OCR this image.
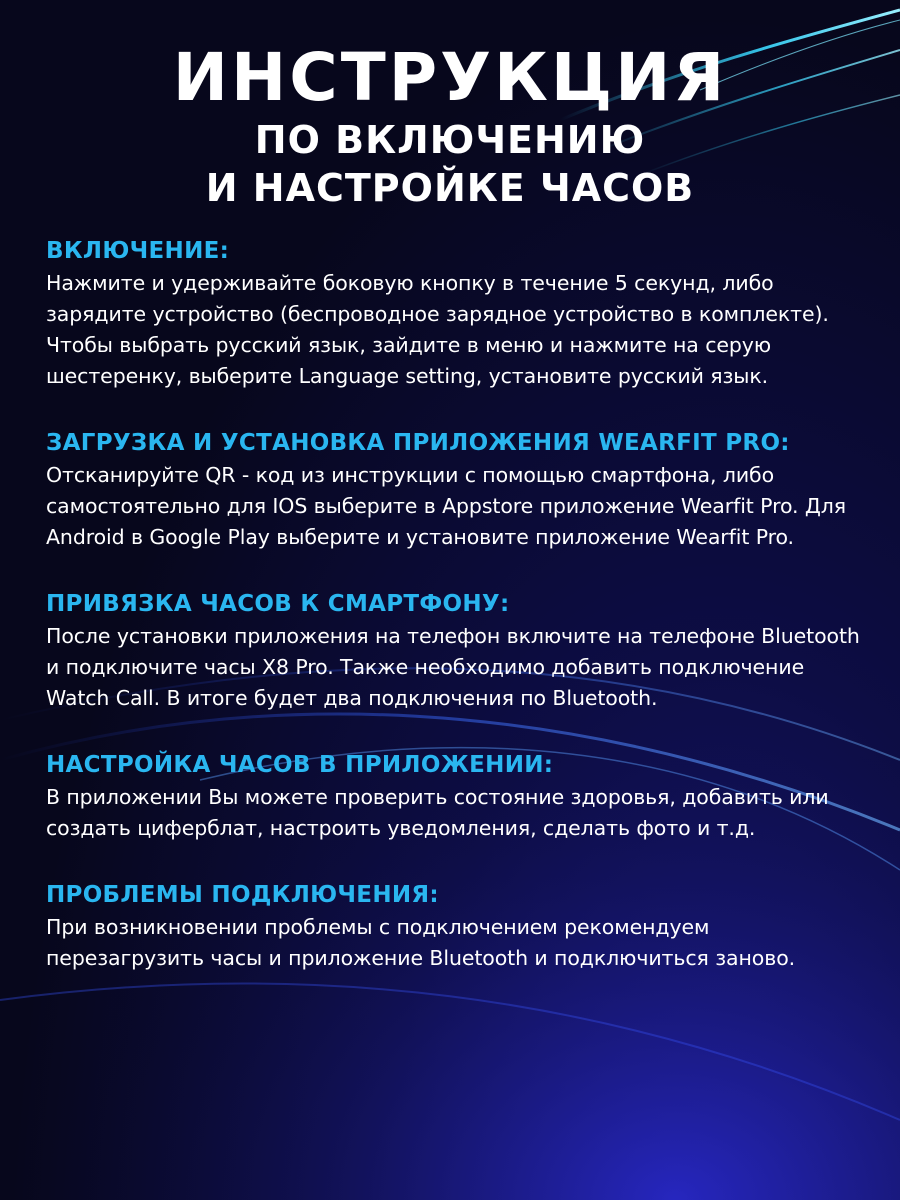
ИНСТРУКЦИЯ
ПО ВКЛЮЧЕНИЮ
И НАСТРОЙКЕ ЧАСОВ
ВКЛЮЧЕНИЕ:
Нажмите и удерживайте боковую кнопку в течение 5 секунд, либо зарядите устройство (беспроводное зарядное устройство в комплекте). Чтобы выбрать русский язык, зайдите в меню и нажмите на серую шестеренку, выберите Language setting, установите русский язык.
ЗАГРУЗКА И УСТАНОВКА ПРИЛОЖЕНИЯ WEARFIT PRO:
Отсканируйте QR - код из инструкции с помощью смартфона, либо самостоятельно для IOS выберите в Appstore приложение Wearfit Pro. Для Android в Google Play выберите и установите приложение Wearfit Pro.
ПРИВЯЗКА ЧАСОВ К СМАРТФОНУ:
После установки приложения на телефон включите на телефоне Bluetooth и подключите часы X8 Pro. Также необходимо добавить подключение Watch Call. В итоге будет два подключения по Bluetooth.
НАСТРОЙКА ЧАСОВ В ПРИЛОЖЕНИИ:
В приложении Вы можете проверить состояние здоровья, добавить или создать циферблат, настроить уведомления, сделать фото и т.д.
ПРОБЛЕМЫ ПОДКЛЮЧЕНИЯ:
При возникновении проблемы с подключением рекомендуем перезагрузить часы и приложение Bluetooth и подключиться заново.
